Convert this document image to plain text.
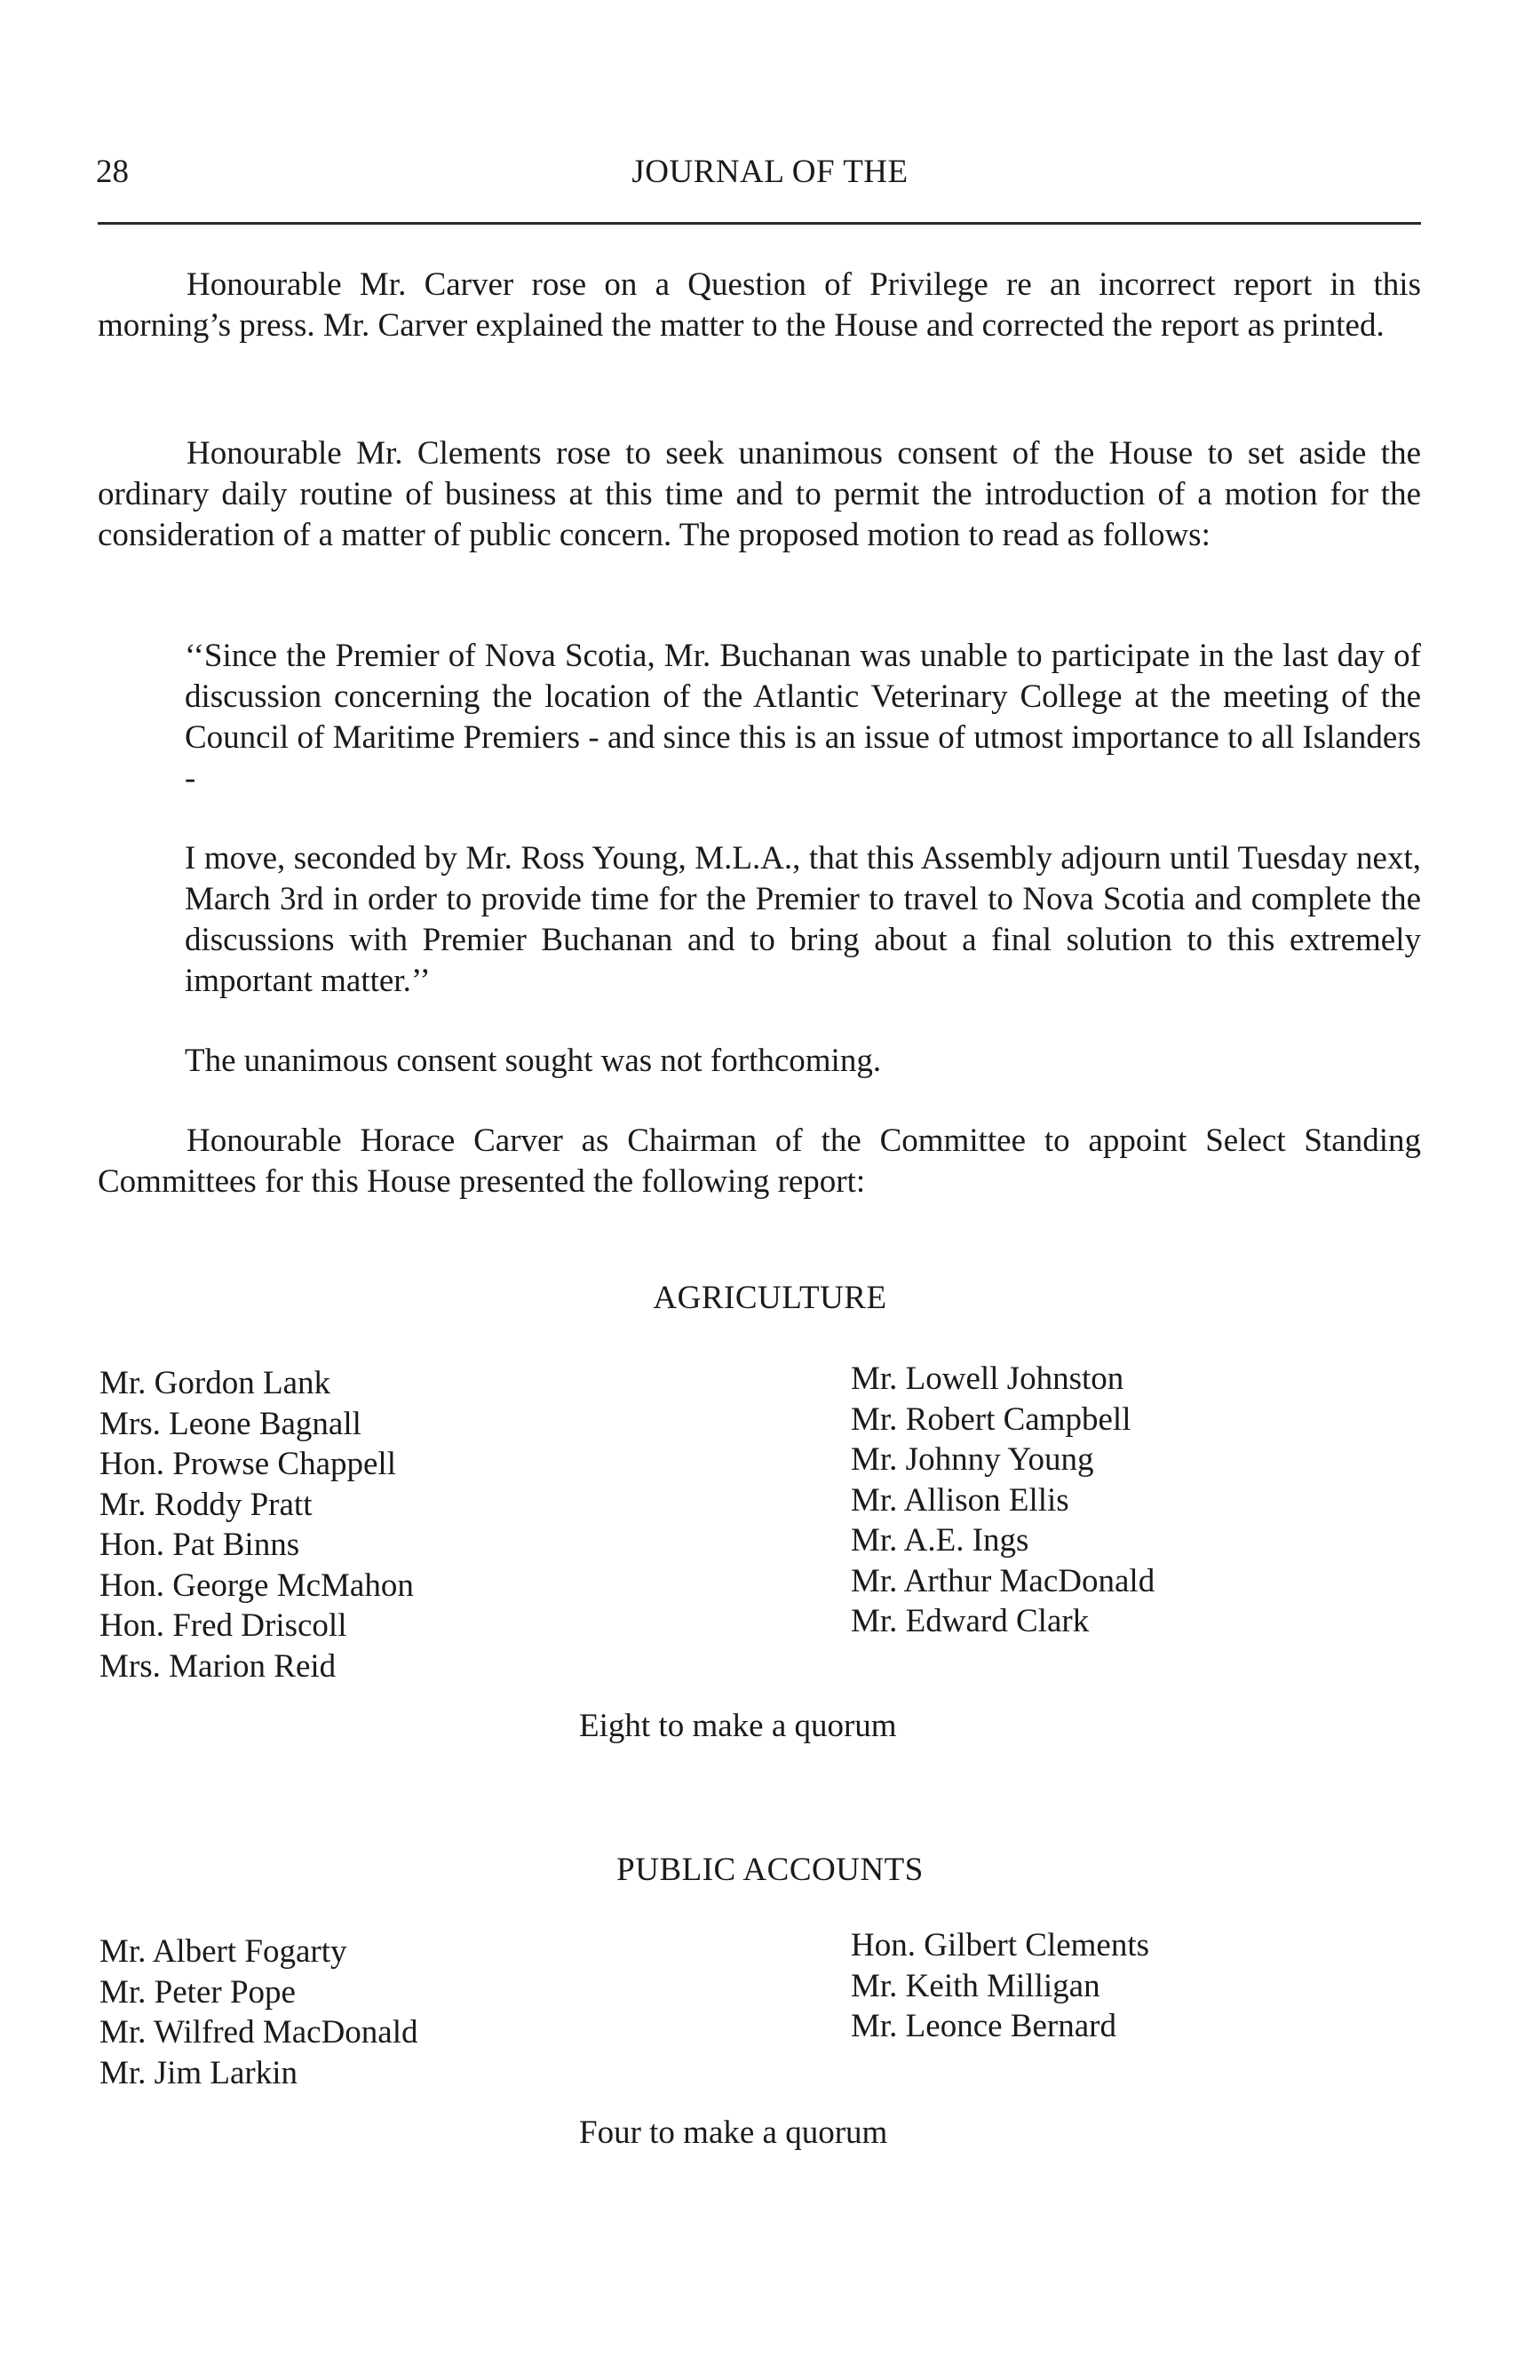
28	JOURNAL OF THE

Honourable Mr. Carver rose on a Question of Privilege re an incorrect report in this morning’s press. Mr. Carver explained the matter to the House and corrected the report as printed.

Honourable Mr. Clements rose to seek unanimous consent of the House to set aside the ordinary daily routine of business at this time and to permit the introduction of a motion for the consideration of a matter of public concern. The proposed motion to read as follows:

‘‘Since the Premier of Nova Scotia, Mr. Buchanan was unable to participate in the last day of discussion concerning the location of the Atlantic Veterinary College at the meeting of the Council of Maritime Premiers - and since this is an issue of utmost importance to all Islanders -

I move, seconded by Mr. Ross Young, M.L.A., that this Assembly adjourn until Tuesday next, March 3rd in order to provide time for the Premier to travel to Nova Scotia and complete the discussions with Premier Buchanan and to bring about a final solution to this extremely important matter.’’

The unanimous consent sought was not forthcoming.

Honourable Horace Carver as Chairman of the Committee to appoint Select Standing Committees for this House presented the following report:

AGRICULTURE
Mr. Gordon Lank
Mrs. Leone Bagnall
Hon. Prowse Chappell
Mr. Roddy Pratt
Hon. Pat Binns
Hon. George McMahon
Hon. Fred Driscoll
Mrs. Marion Reid
Mr. Lowell Johnston
Mr. Robert Campbell
Mr. Johnny Young
Mr. Allison Ellis
Mr. A.E. Ings
Mr. Arthur MacDonald
Mr. Edward Clark
Eight to make a quorum
PUBLIC ACCOUNTS
Mr. Albert Fogarty
Mr. Peter Pope
Mr. Wilfred MacDonald
Mr. Jim Larkin
Hon. Gilbert Clements
Mr. Keith Milligan
Mr. Leonce Bernard
Four to make a quorum
